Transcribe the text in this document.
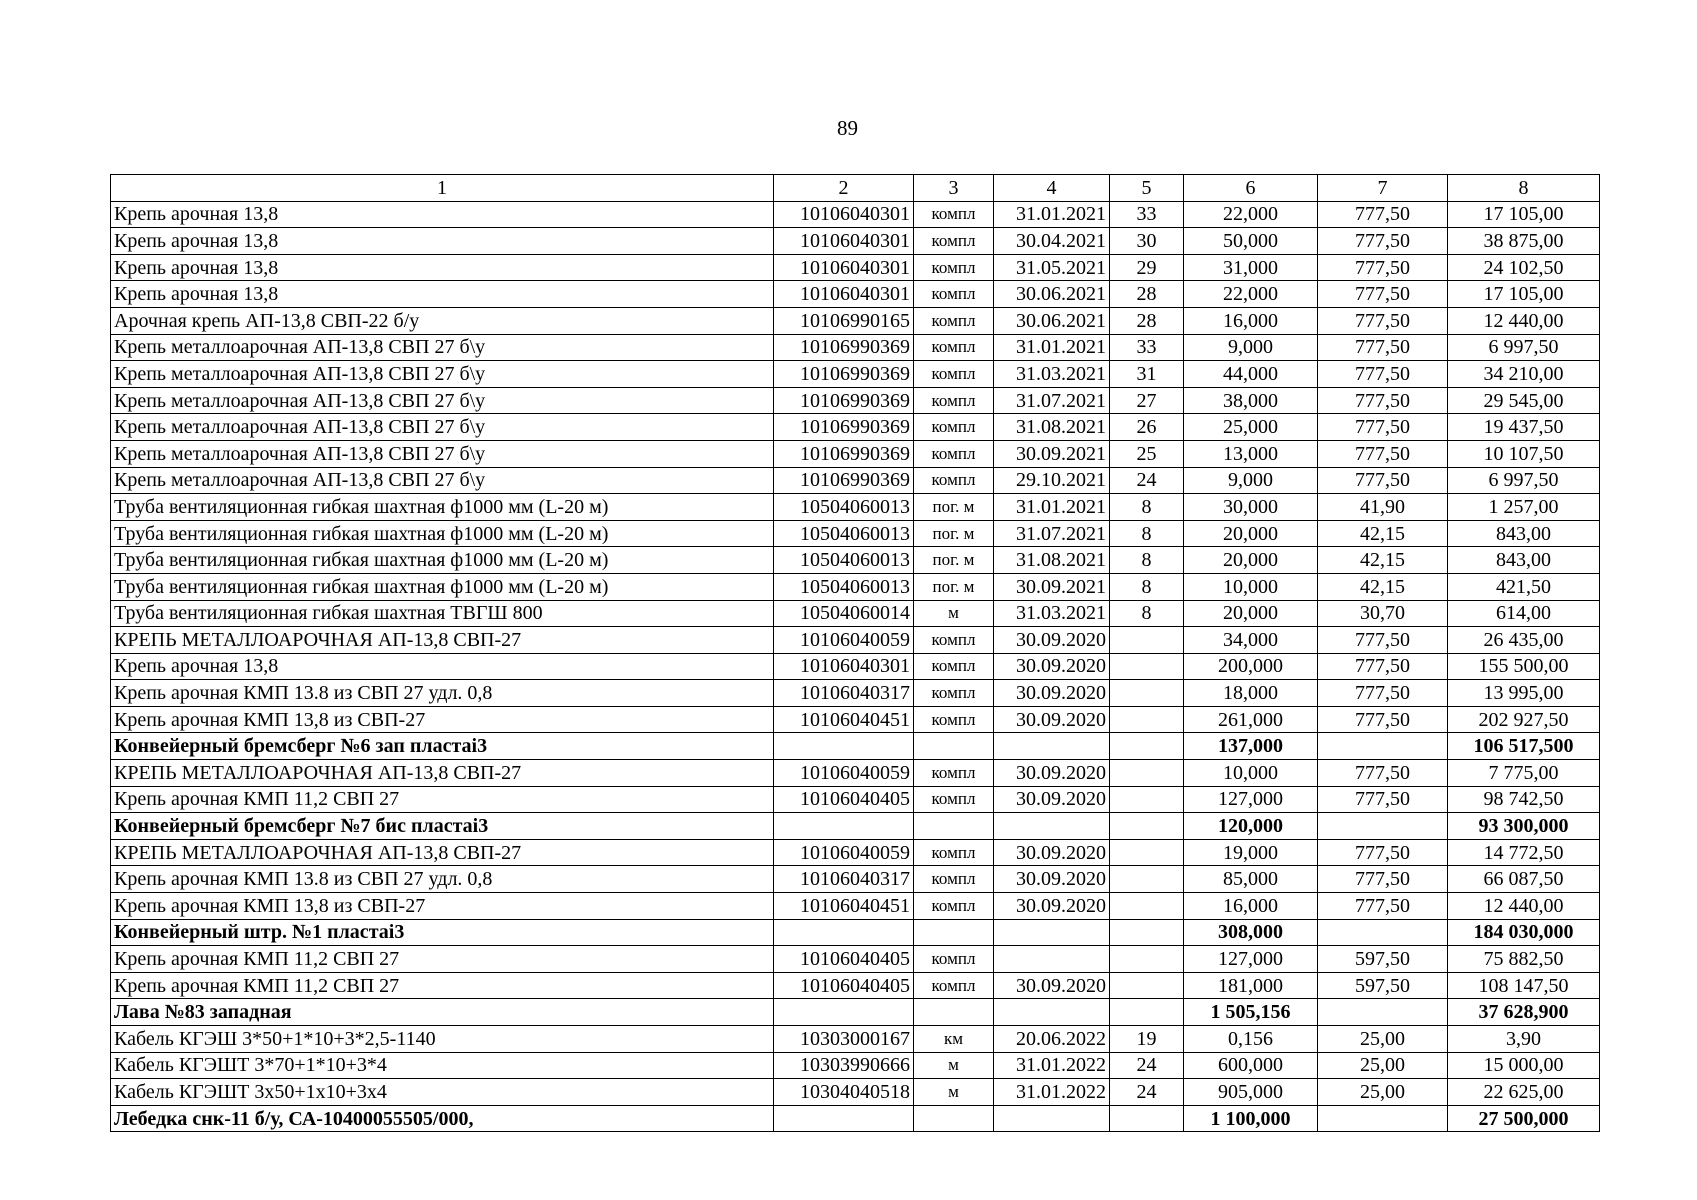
89
1	2	3	4	5	6	7	8
Крепь арочная 13,8	10106040301	компл	31.01.2021	33	22,000	777,50	17 105,00
Крепь арочная 13,8	10106040301	компл	30.04.2021	30	50,000	777,50	38 875,00
Крепь арочная 13,8	10106040301	компл	31.05.2021	29	31,000	777,50	24 102,50
Крепь арочная 13,8	10106040301	компл	30.06.2021	28	22,000	777,50	17 105,00
Арочная крепь АП-13,8 СВП-22 б/у	10106990165	компл	30.06.2021	28	16,000	777,50	12 440,00
Крепь металлоарочная АП-13,8 СВП 27 б\у	10106990369	компл	31.01.2021	33	9,000	777,50	6 997,50
Крепь металлоарочная АП-13,8 СВП 27 б\у	10106990369	компл	31.03.2021	31	44,000	777,50	34 210,00
Крепь металлоарочная АП-13,8 СВП 27 б\у	10106990369	компл	31.07.2021	27	38,000	777,50	29 545,00
Крепь металлоарочная АП-13,8 СВП 27 б\у	10106990369	компл	31.08.2021	26	25,000	777,50	19 437,50
Крепь металлоарочная АП-13,8 СВП 27 б\у	10106990369	компл	30.09.2021	25	13,000	777,50	10 107,50
Крепь металлоарочная АП-13,8 СВП 27 б\у	10106990369	компл	29.10.2021	24	9,000	777,50	6 997,50
Труба вентиляционная гибкая шахтная ф1000 мм (L-20 м)	10504060013	пог. м	31.01.2021	8	30,000	41,90	1 257,00
Труба вентиляционная гибкая шахтная ф1000 мм (L-20 м)	10504060013	пог. м	31.07.2021	8	20,000	42,15	843,00
Труба вентиляционная гибкая шахтная ф1000 мм (L-20 м)	10504060013	пог. м	31.08.2021	8	20,000	42,15	843,00
Труба вентиляционная гибкая шахтная ф1000 мм (L-20 м)	10504060013	пог. м	30.09.2021	8	10,000	42,15	421,50
Труба вентиляционная гибкая шахтная ТВГШ 800	10504060014	м	31.03.2021	8	20,000	30,70	614,00
КРЕПЬ МЕТАЛЛОАРОЧНАЯ АП-13,8 СВП-27	10106040059	компл	30.09.2020		34,000	777,50	26 435,00
Крепь арочная 13,8	10106040301	компл	30.09.2020		200,000	777,50	155 500,00
Крепь арочная КМП 13.8 из СВП 27 удл. 0,8	10106040317	компл	30.09.2020		18,000	777,50	13 995,00
Крепь арочная КМП 13,8 из СВП-27	10106040451	компл	30.09.2020		261,000	777,50	202 927,50
Конвейерный бремсберг №6 зап пластаi3					137,000		106 517,500
КРЕПЬ МЕТАЛЛОАРОЧНАЯ АП-13,8 СВП-27	10106040059	компл	30.09.2020		10,000	777,50	7 775,00
Крепь арочная КМП 11,2 СВП 27	10106040405	компл	30.09.2020		127,000	777,50	98 742,50
Конвейерный бремсберг №7 бис пластаi3					120,000		93 300,000
КРЕПЬ МЕТАЛЛОАРОЧНАЯ АП-13,8 СВП-27	10106040059	компл	30.09.2020		19,000	777,50	14 772,50
Крепь арочная КМП 13.8 из СВП 27 удл. 0,8	10106040317	компл	30.09.2020		85,000	777,50	66 087,50
Крепь арочная КМП 13,8 из СВП-27	10106040451	компл	30.09.2020		16,000	777,50	12 440,00
Конвейерный штр. №1 пластаi3					308,000		184 030,000
Крепь арочная КМП 11,2 СВП 27	10106040405	компл			127,000	597,50	75 882,50
Крепь арочная КМП 11,2 СВП 27	10106040405	компл	30.09.2020		181,000	597,50	108 147,50
Лава №83 западная					1 505,156		37 628,900
Кабель КГЭШ 3*50+1*10+3*2,5-1140	10303000167	км	20.06.2022	19	0,156	25,00	3,90
Кабель КГЭШТ 3*70+1*10+3*4	10303990666	м	31.01.2022	24	600,000	25,00	15 000,00
Кабель КГЭШТ 3х50+1х10+3х4	10304040518	м	31.01.2022	24	905,000	25,00	22 625,00
Лебедка снк-11 б/у, СА-10400055505/000,					1 100,000		27 500,000
